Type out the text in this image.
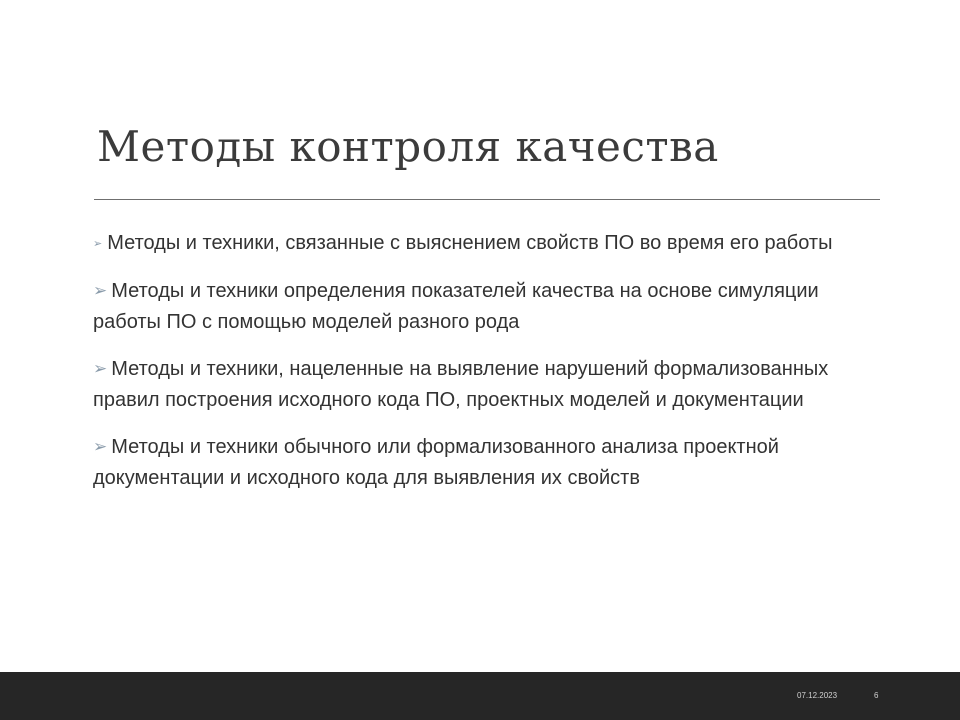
Методы контроля качества
➢ Методы и техники, связанные с выяснением свойств ПО во время его работы
➢ Методы и техники определения показателей качества на основе симуляции работы ПО с помощью моделей разного рода
➢ Методы и техники, нацеленные на выявление нарушений формализованных правил построения исходного кода ПО, проектных моделей и документации
➢ Методы и техники обычного или формализованного анализа проектной документации и исходного кода для выявления их свойств
07.12.2023	6
